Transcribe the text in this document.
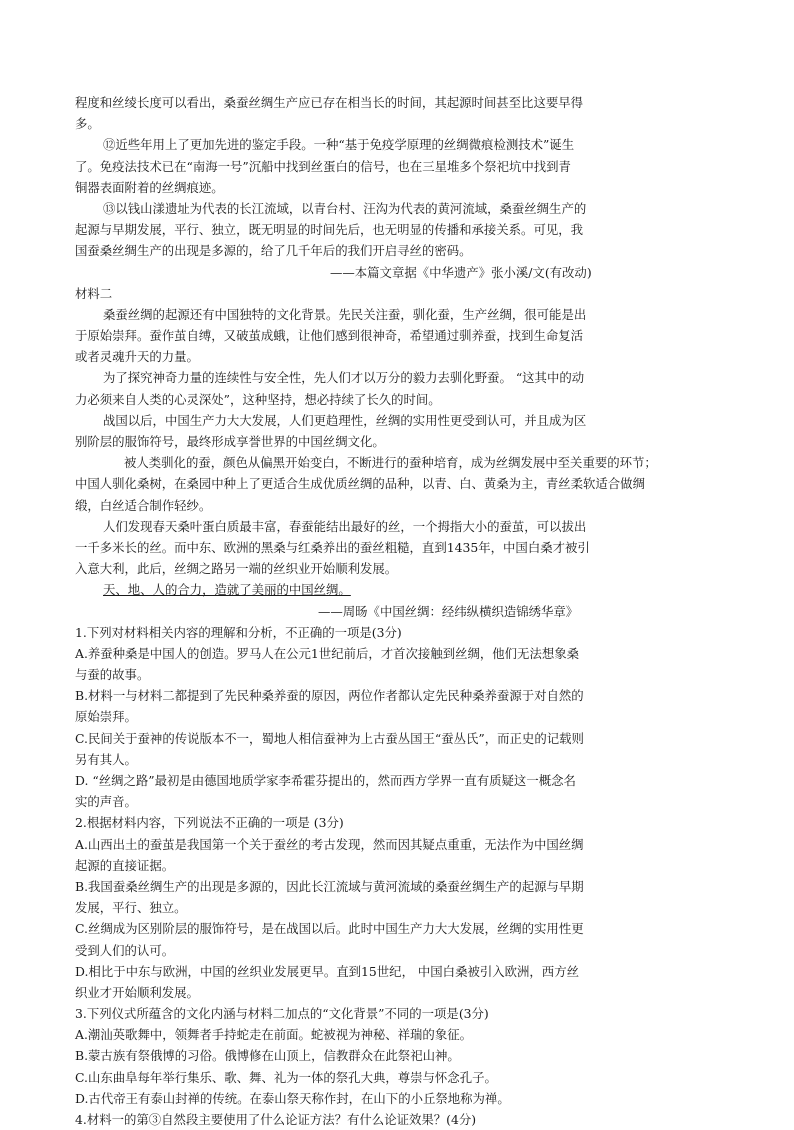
程度和丝绫长度可以看出，桑蚕丝绸生产应已存在相当长的时间，其起源时间甚至比这要早得
多。
⑫近些年用上了更加先进的鉴定手段。一种“基于免疫学原理的丝绸微痕检测技术”诞生
了。免疫法技术已在“南海一号”沉船中找到丝蛋白的信号，也在三星堆多个祭祀坑中找到青
铜器表面附着的丝绸痕迹。
⑬以钱山漾遗址为代表的长江流域，以青台村、汪沟为代表的黄河流域，桑蚕丝绸生产的
起源与早期发展，平行、独立，既无明显的时间先后，也无明显的传播和承接关系。可见，我
国蚕桑丝绸生产的出现是多源的，给了几千年后的我们开启寻丝的密码。
——本篇文章据《中华遗产》张小溪/文(有改动)
材料二
桑蚕丝绸的起源还有中国独特的文化背景。先民关注蚕，驯化蚕，生产丝绸，很可能是出
于原始崇拜。蚕作茧自缚，又破茧成蛾，让他们感到很神奇，希望通过驯养蚕，找到生命复活
或者灵魂升天的力量。
为了探究神奇力量的连续性与安全性，先人们才以万分的毅力去驯化野蚕。 “这其中的动
力必须来自人类的心灵深处”，这种坚持，想必持续了长久的时间。
战国以后，中国生产力大大发展，人们更趋理性，丝绸的实用性更受到认可，并且成为区
别阶层的服饰符号，最终形成享誉世界的中国丝绸文化。
被人类驯化的蚕，颜色从偏黑开始变白，不断进行的蚕种培育，成为丝绸发展中至关重要的环节；
中国人驯化桑树，在桑园中种上了更适合生成优质丝绸的品种，以青、白、黄桑为主，青丝柔软适合做绸
缎，白丝适合制作轻纱。
人们发现春天桑叶蛋白质最丰富，春蚕能结出最好的丝，一个拇指大小的蚕茧，可以拔出
一千多米长的丝。而中东、欧洲的黑桑与红桑养出的蚕丝粗糙，直到1435年，中国白桑才被引
入意大利，此后，丝绸之路另一端的丝织业开始顺利发展。
天、地、人的合力，造就了美丽的中国丝绸。
——周旸《中国丝绸：经纬纵横织造锦绣华章》
1.下列对材料相关内容的理解和分析，不正确的一项是(3分)
A.养蚕种桑是中国人的创造。罗马人在公元1世纪前后，才首次接触到丝绸，他们无法想象桑
与蚕的故事。
B.材料一与材料二都提到了先民种桑养蚕的原因，两位作者都认定先民种桑养蚕源于对自然的
原始崇拜。
C.民间关于蚕神的传说版本不一，蜀地人相信蚕神为上古蚕丛国王“蚕丛氏”，而正史的记载则
另有其人。
D. “丝绸之路”最初是由德国地质学家李希霍芬提出的，然而西方学界一直有质疑这一概念名
实的声音。
2.根据材料内容，下列说法不正确的一项是 (3分)
A.山西出土的蚕茧是我国第一个关于蚕丝的考古发现，然而因其疑点重重，无法作为中国丝绸
起源的直接证据。
B.我国蚕桑丝绸生产的出现是多源的，因此长江流域与黄河流域的桑蚕丝绸生产的起源与早期
发展，平行、独立。
C.丝绸成为区别阶层的服饰符号，是在战国以后。此时中国生产力大大发展，丝绸的实用性更
受到人们的认可。
D.相比于中东与欧洲，中国的丝织业发展更早。直到15世纪， 中国白桑被引入欧洲，西方丝
织业才开始顺利发展。
3.下列仪式所蕴含的文化内涵与材料二加点的“文化背景”不同的一项是(3分)
A.潮汕英歌舞中，领舞者手持蛇走在前面。蛇被视为神秘、祥瑞的象征。
B.蒙古族有祭俄博的习俗。俄博修在山顶上，信教群众在此祭祀山神。
C.山东曲阜每年举行集乐、歌、舞、礼为一体的祭孔大典，尊崇与怀念孔子。
D.古代帝王有泰山封禅的传统。在泰山祭天称作封，在山下的小丘祭地称为禅。
4.材料一的第③自然段主要使用了什么论证方法？有什么论证效果？(4分)
